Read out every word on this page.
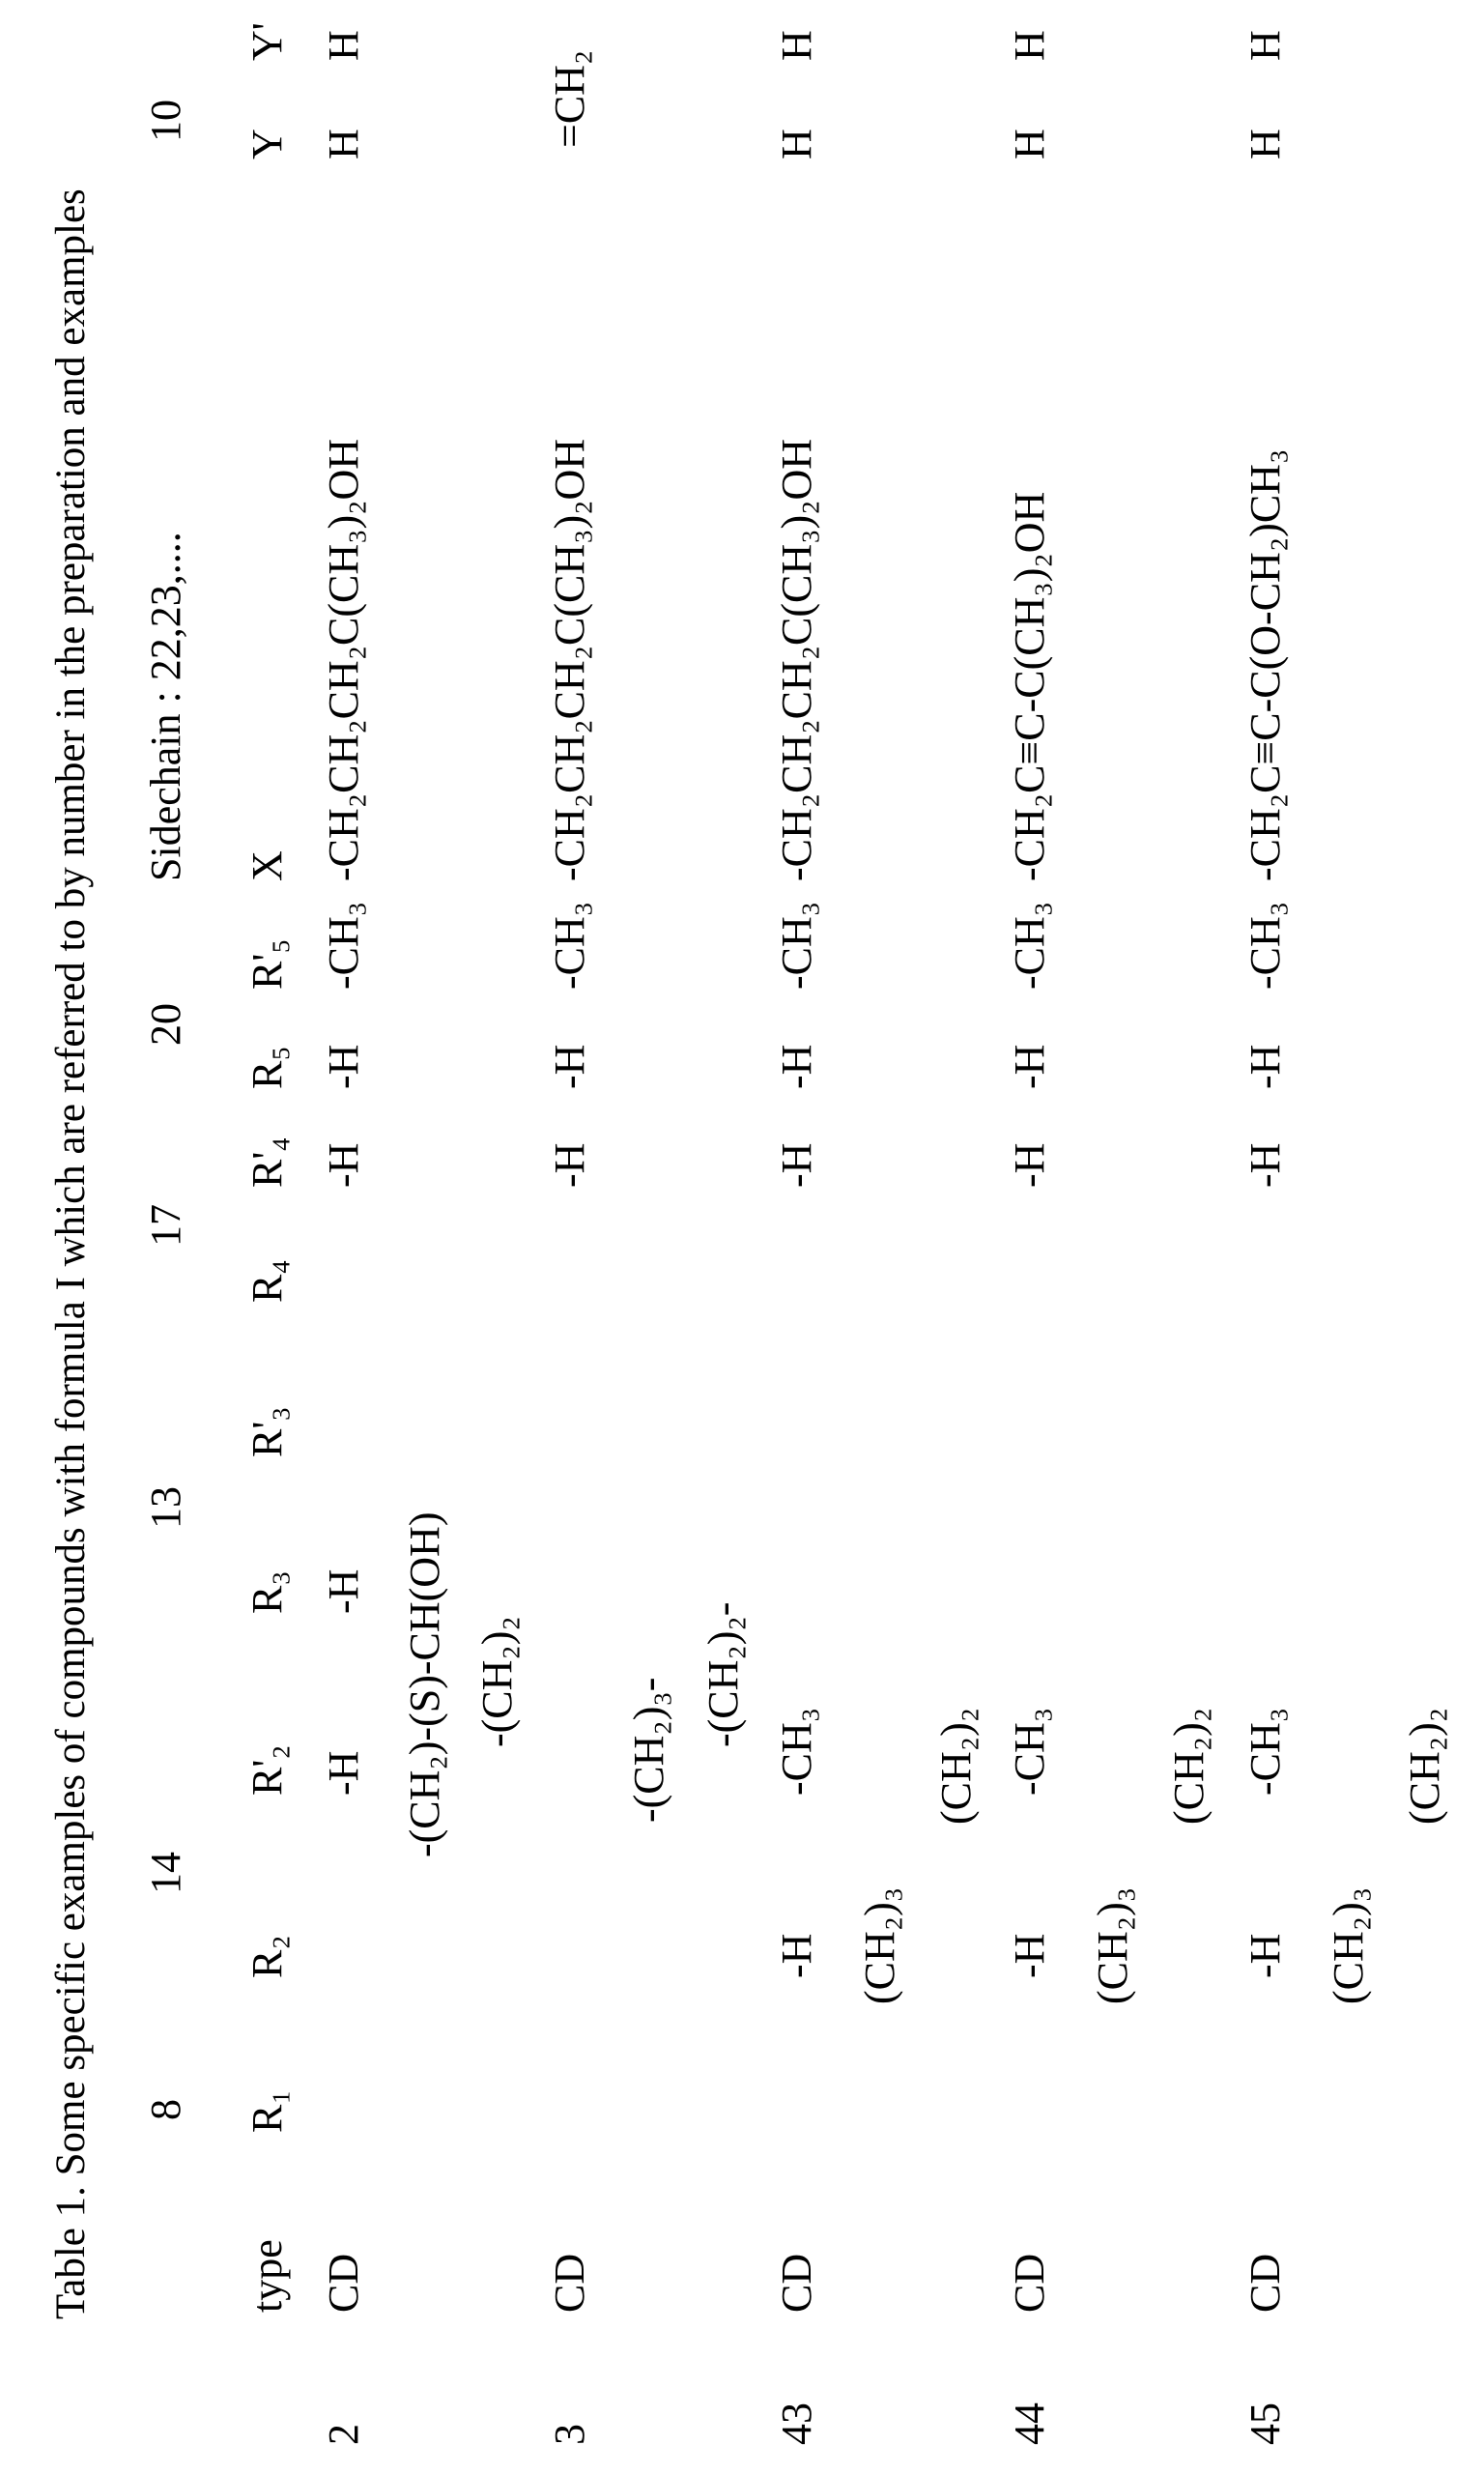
Table 1. Some specific examples of compounds with formula I which are referred to by number in the preparation and examples 8
14
13
17
20
Sidechain : 22,23,....
10
type
R₁
R₂
R'₂
R₃
R'₃
R₄
R'₄
R₅
R'₅
X
Y
Y'
2
CD
-H
-H
-H
-H
-CH₃
-CH₂CH₂CH₂C(CH₃)₂OH
H
H
-(CH₂)-(S)-CH(OH) -(CH₂)₂
3
CD
-H
-H
-CH₃
-CH₂CH₂CH₂C(CH₃)₂OH
=CH₂
-(CH₂)₃-
-(CH₂)₂-
43
CD
-H
-CH₃
-H
-H
-CH₃
-CH₂CH₂CH₂C(CH₃)₂OH
H
H
(CH₂)₃
(CH₂)₂
44
CD
-H
-CH₃
-H
-H
-CH₃
-CH₂C≡C-C(CH₃)₂OH
H
H
(CH₂)₃
(CH₂)₂
45
CD
-H
-CH₃
-H
-H
-CH₃
-CH₂C≡C-C(O-CH₂)CH₃
H
H
(CH₂)₃
(CH₂)₂
